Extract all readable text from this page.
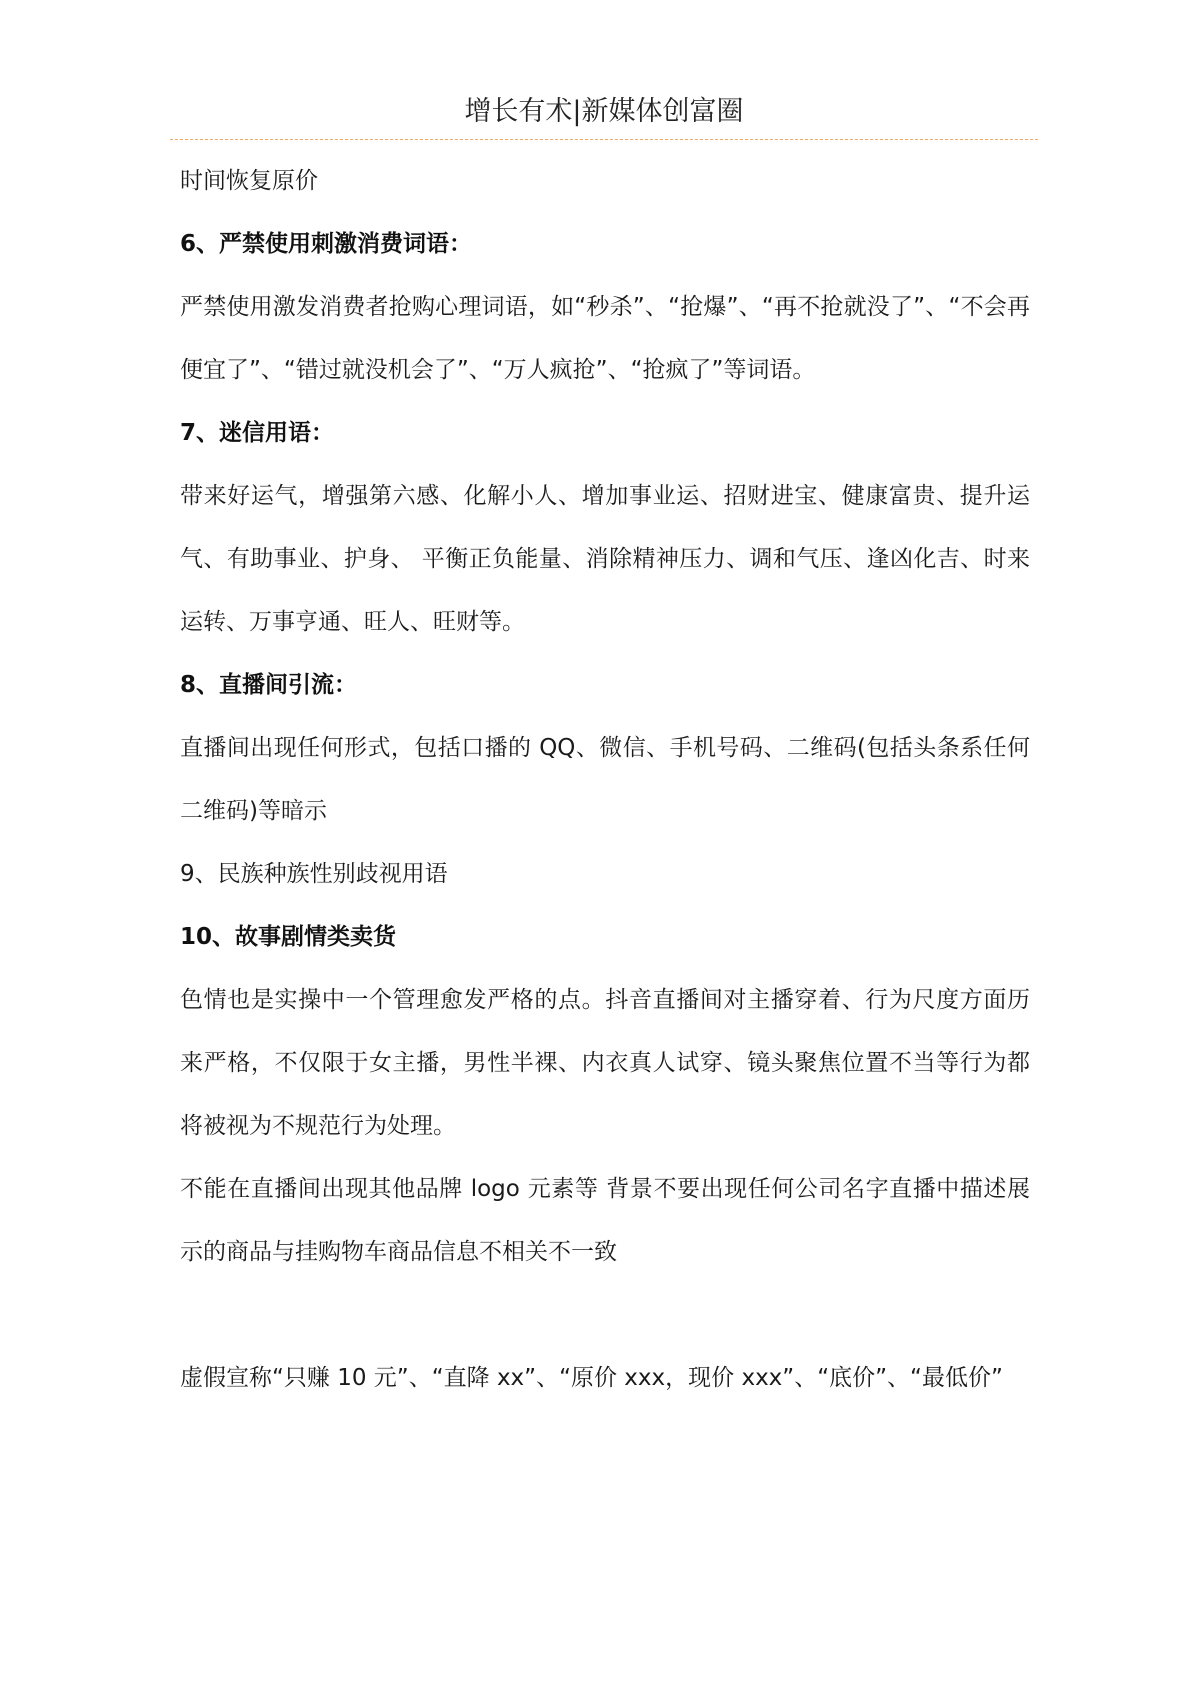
增长有术|新媒体创富圈

时间恢复原价

6、严禁使用刺激消费词语：

严禁使用激发消费者抢购心理词语，如“秒杀”、“抢爆”、“再不抢就没了”、“不会再便宜了”、“错过就没机会了”、“万人疯抢”、“抢疯了”等词语。

7、迷信用语：

带来好运气，增强第六感、化解小人、增加事业运、招财进宝、健康富贵、提升运气、有助事业、护身、 平衡正负能量、消除精神压力、调和气压、逢凶化吉、时来运转、万事亨通、旺人、旺财等。

8、直播间引流：

直播间出现任何形式，包括口播的 QQ、微信、手机号码、二维码(包括头条系任何二维码)等暗示

9、民族种族性别歧视用语

10、故事剧情类卖货

色情也是实操中一个管理愈发严格的点。抖音直播间对主播穿着、行为尺度方面历来严格，不仅限于女主播，男性半裸、内衣真人试穿、镜头聚焦位置不当等行为都将被视为不规范行为处理。

不能在直播间出现其他品牌 logo 元素等 背景不要出现任何公司名字直播中描述展示的商品与挂购物车商品信息不相关不一致

虚假宣称“只赚 10 元”、“直降 xx”、“原价 xxx，现价 xxx”、“底价”、“最低价”
